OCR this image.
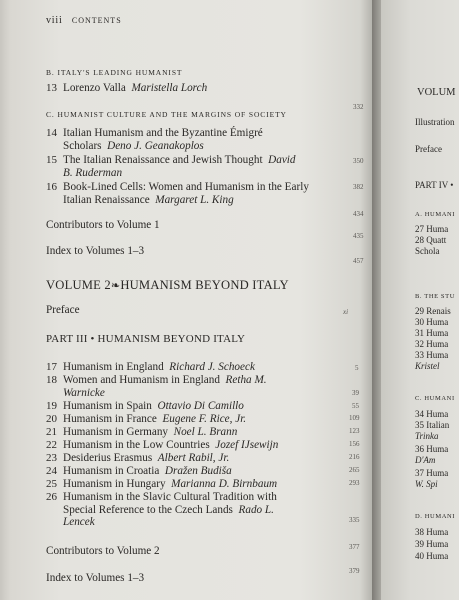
viii CONTENTS
B. ITALY'S LEADING HUMANIST
13 Lorenzo Valla Maristella Lorch
C. HUMANIST CULTURE AND THE MARGINS OF SOCIETY
14 Italian Humanism and the Byzantine Émigré
Scholars Deno J. Geanakoplos
15 The Italian Renaissance and Jewish Thought David
B. Ruderman
16 Book-Lined Cells: Women and Humanism in the Early
Italian Renaissance Margaret L. King
Contributors to Volume 1
Index to Volumes 1–3
332
350
382
434
435
457
VOLUME 2❧HUMANISM BEYOND ITALY
Preface	xi
PART III • HUMANISM BEYOND ITALY
17 Humanism in England Richard J. Schoeck
18 Women and Humanism in England Retha M.
Warnicke
19 Humanism in Spain Ottavio Di Camillo
20 Humanism in France Eugene F. Rice, Jr.
21 Humanism in Germany Noel L. Brann
22 Humanism in the Low Countries Jozef IJsewijn
23 Desiderius Erasmus Albert Rabil, Jr.
24 Humanism in Croatia Dražen Budiša
25 Humanism in Hungary Marianna D. Birnbaum
26 Humanism in the Slavic Cultural Tradition with
Special Reference to the Czech Lands Rado L.
Lencek
Contributors to Volume 2
Index to Volumes 1–3
5
39
55
109
123
156
216
265
293
335
377
379
VOLUM
Illustration
Preface
PART IV •
A. HUMANI
27 Huma
28 Quatt
Schola
B. THE STU
29 Renais
30 Huma
31 Huma
32 Huma
33 Huma
Kristel
C. HUMANI
34 Huma
35 Italian
Trinka
36 Huma
D'Am
37 Huma
W. Spi
D. HUMANI
38 Huma
39 Huma
40 Huma
